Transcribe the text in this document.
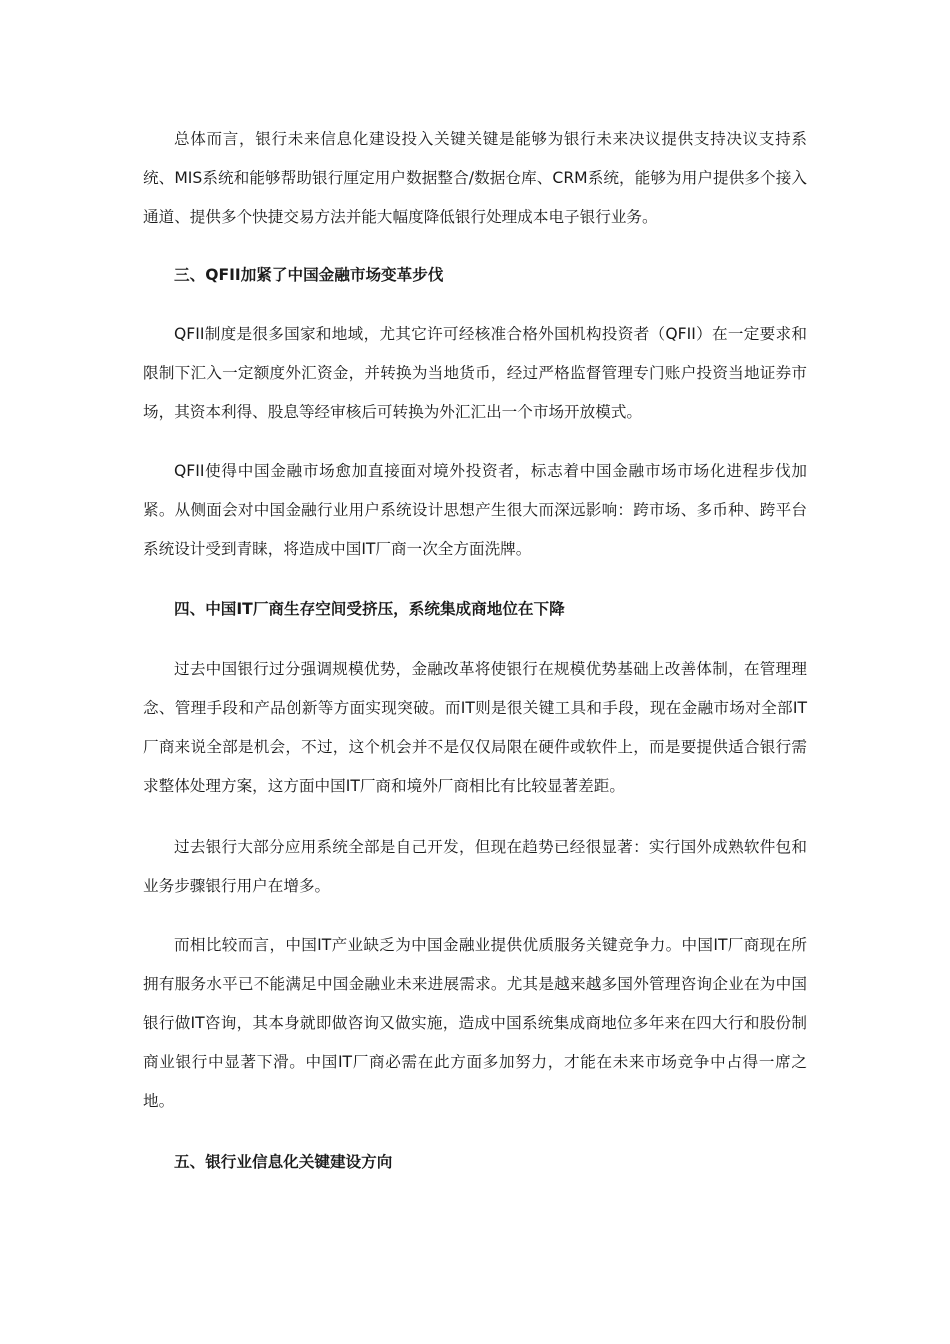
总体而言，银行未来信息化建设投入关键关键是能够为银行未来决议提供支持决议支持系统、MIS系统和能够帮助银行厘定用户数据整合/数据仓库、CRM系统，能够为用户提供多个接入通道、提供多个快捷交易方法并能大幅度降低银行处理成本电子银行业务。

三、QFII加紧了中国金融市场变革步伐

QFII制度是很多国家和地域，尤其它许可经核准合格外国机构投资者（QFII）在一定要求和限制下汇入一定额度外汇资金，并转换为当地货币，经过严格监督管理专门账户投资当地证券市场，其资本利得、股息等经审核后可转换为外汇汇出一个市场开放模式。

QFII使得中国金融市场愈加直接面对境外投资者，标志着中国金融市场市场化进程步伐加紧。从侧面会对中国金融行业用户系统设计思想产生很大而深远影响：跨市场、多币种、跨平台系统设计受到青睐，将造成中国IT厂商一次全方面洗牌。

四、中国IT厂商生存空间受挤压，系统集成商地位在下降

过去中国银行过分强调规模优势，金融改革将使银行在规模优势基础上改善体制，在管理理念、管理手段和产品创新等方面实现突破。而IT则是很关键工具和手段，现在金融市场对全部IT厂商来说全部是机会，不过，这个机会并不是仅仅局限在硬件或软件上，而是要提供适合银行需求整体处理方案，这方面中国IT厂商和境外厂商相比有比较显著差距。

过去银行大部分应用系统全部是自己开发，但现在趋势已经很显著：实行国外成熟软件包和业务步骤银行用户在增多。

而相比较而言，中国IT产业缺乏为中国金融业提供优质服务关键竞争力。中国IT厂商现在所拥有服务水平已不能满足中国金融业未来进展需求。尤其是越来越多国外管理咨询企业在为中国银行做IT咨询，其本身就即做咨询又做实施，造成中国系统集成商地位多年来在四大行和股份制商业银行中显著下滑。中国IT厂商必需在此方面多加努力，才能在未来市场竞争中占得一席之地。

五、银行业信息化关键建设方向
